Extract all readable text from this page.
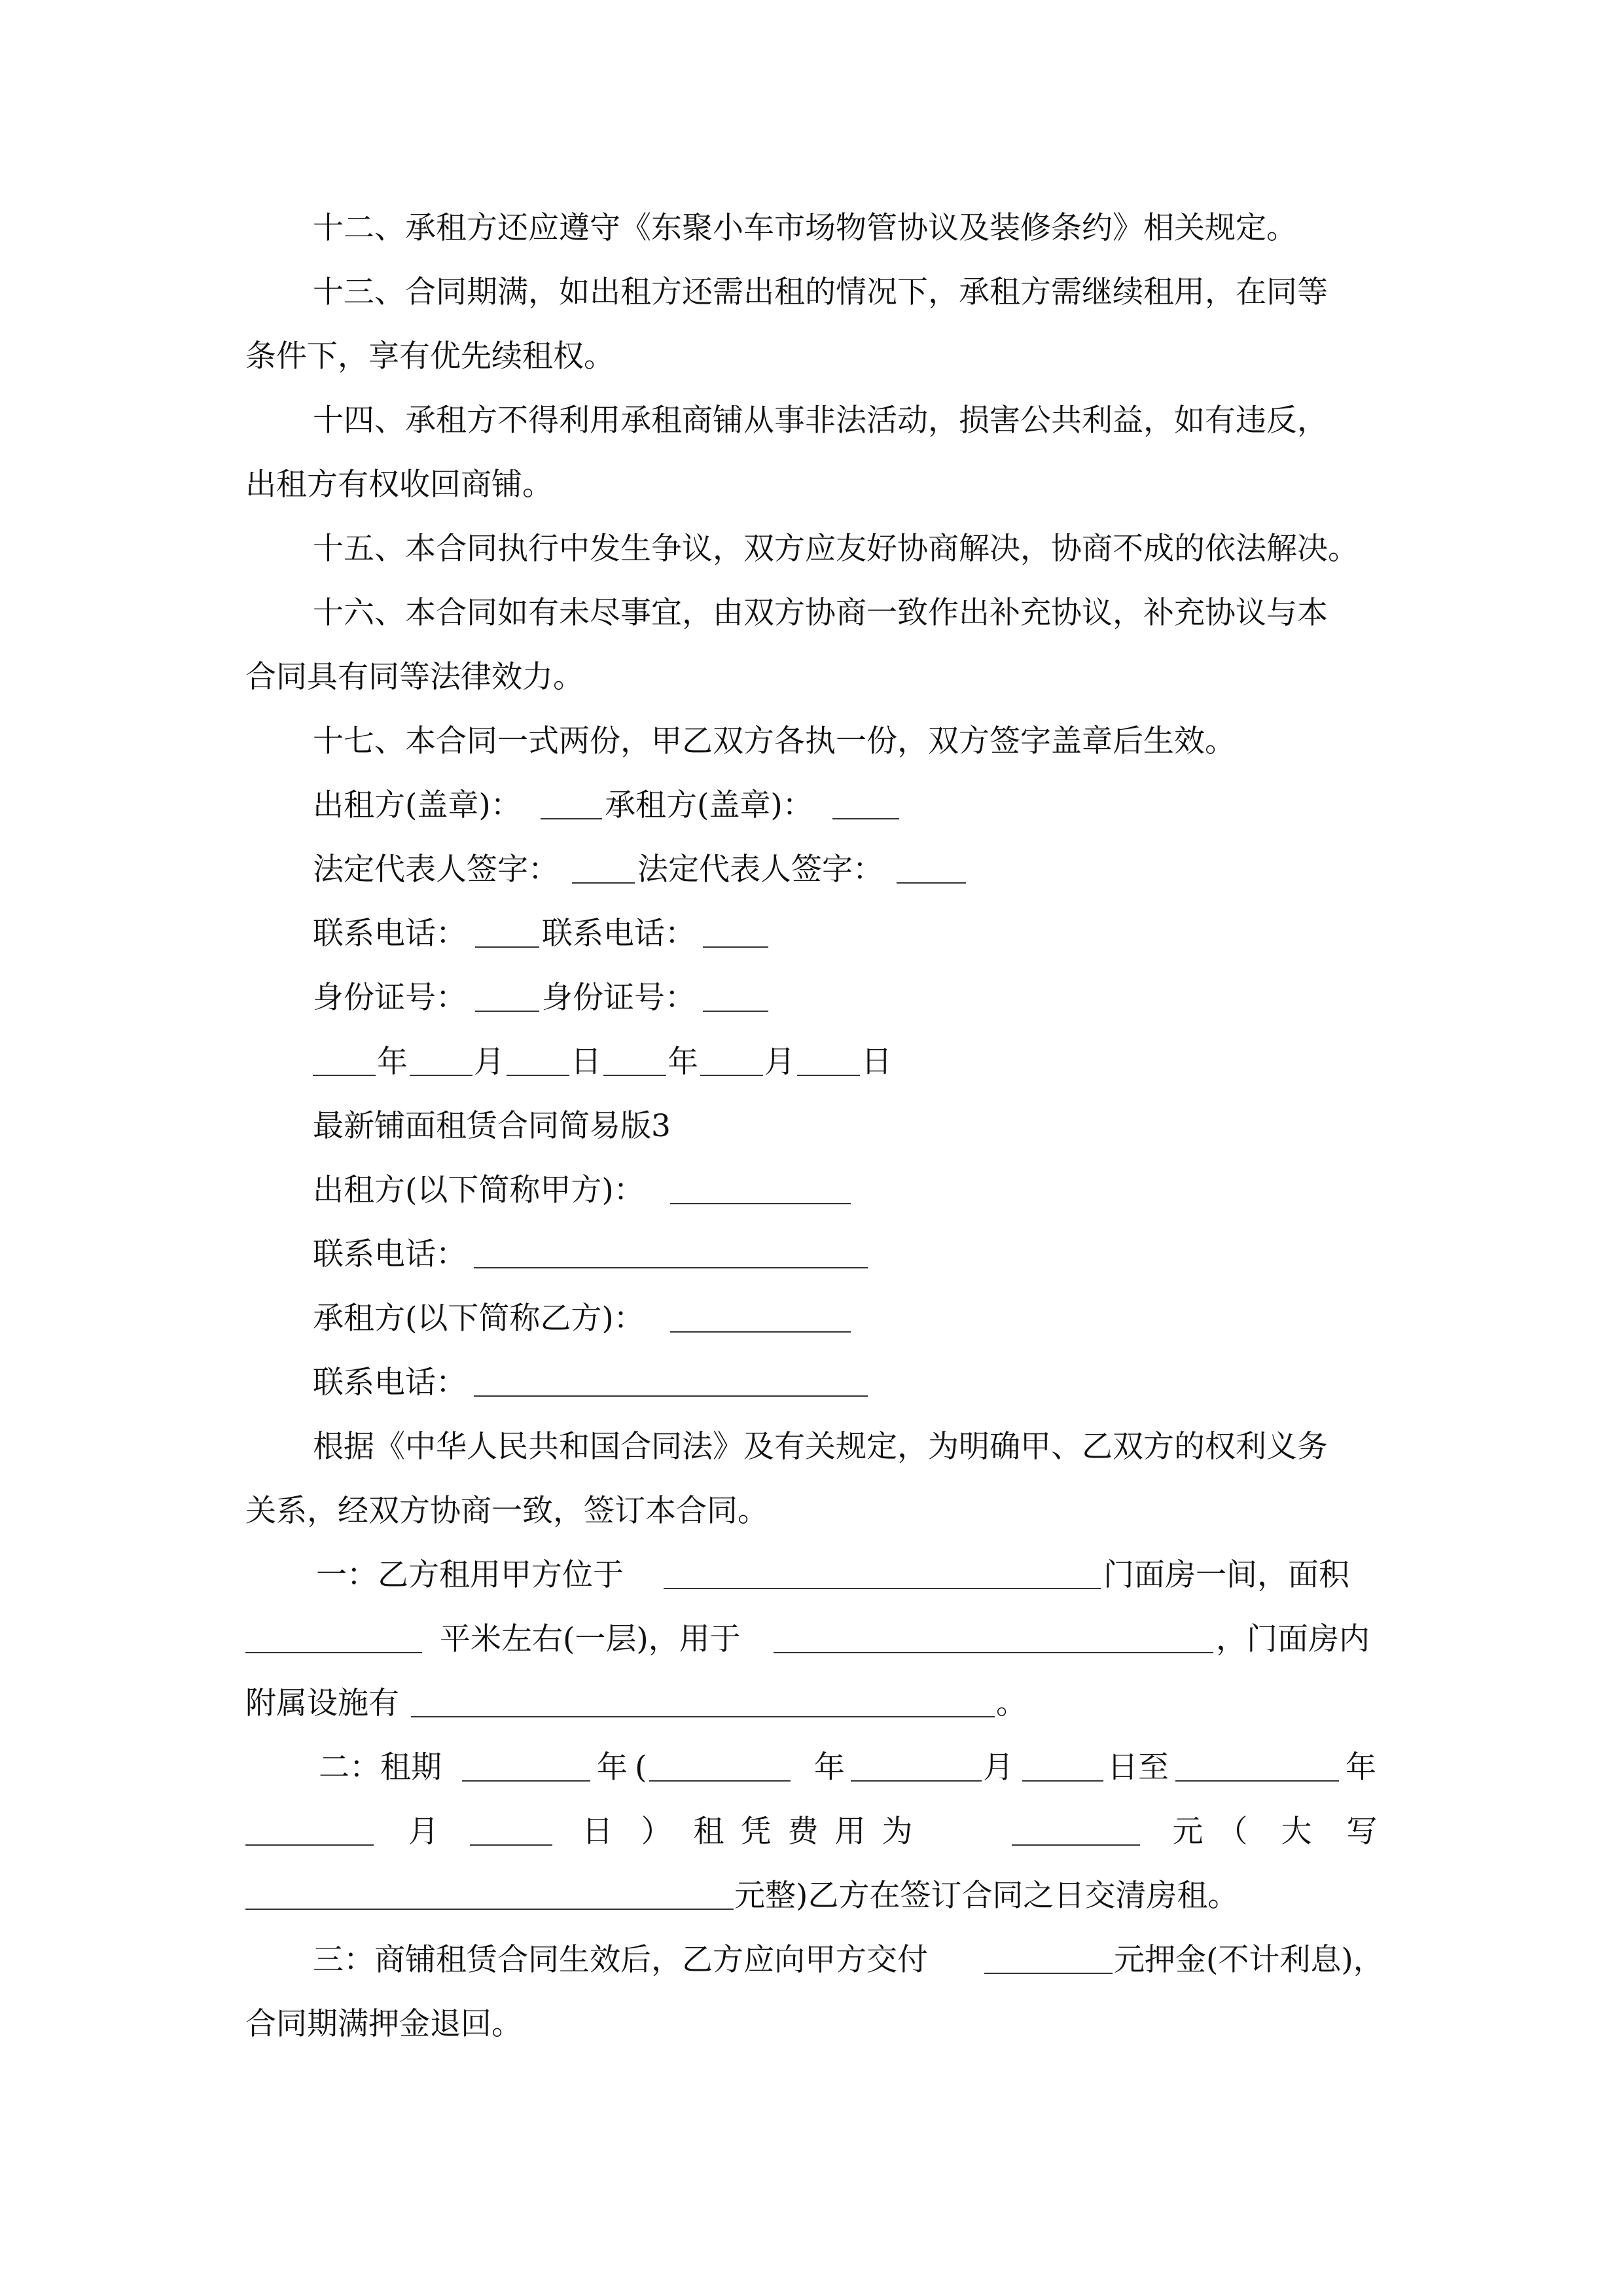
十二、承租方还应遵守《东聚小车市场物管协议及装修条约》相关规定。
十三、合同期满，如出租方还需出租的情况下，承租方需继续租用，在同等
条件下，享有优先续租权。
十四、承租方不得利用承租商铺从事非法活动，损害公共利益，如有违反，
出租方有权收回商铺。
十五、本合同执行中发生争议，双方应友好协商解决，协商不成的依法解决。
十六、本合同如有未尽事宜，由双方协商一致作出补充协议，补充协议与本
合同具有同等法律效力。
十七、本合同一式两份，甲乙双方各执一份，双方签字盖章后生效。
出租方(盖章)：	承租方(盖章)：
法定代表人签字：	法定代表人签字：
联系电话： 联系电话：
身份证号： 身份证号：
年 月 日 年 月 日
最新铺面租赁合同简易版3
出租方(以下简称甲方)：
联系电话：
承租方(以下简称乙方)：
联系电话：
根据《中华人民共和国合同法》及有关规定，为明确甲、乙双方的权利义务
关系，经双方协商一致，签订本合同。
一：乙方租用甲方位于	门面房一间，面积
平米左右(一层)，用于	，门面房内
附属设施有	。
二：租期	年 (	年	月	日至	年
月	日 ） 租 凭 费 用 为	元 （ 大 写
元整)乙方在签订合同之日交清房租。
三：商铺租赁合同生效后，乙方应向甲方交付	元押金(不计利息)，
合同期满押金退回。
